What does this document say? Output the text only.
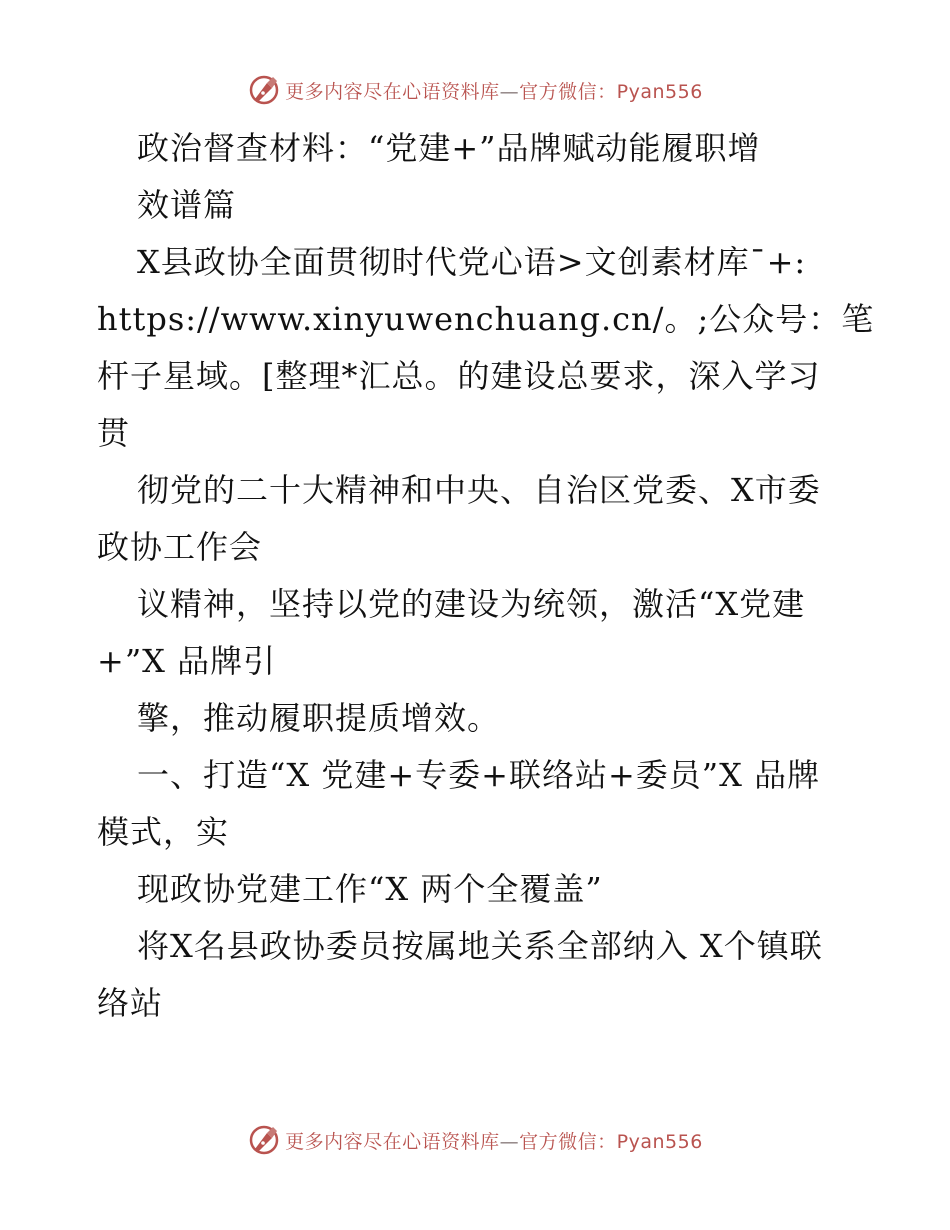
更多内容尽在心语资料库—官方微信：Pyan556
政治督查材料：“党建+”品牌赋动能履职增
效谱篇
X县政协全面贯彻时代党心语>文创素材库¯+:
https://www.xinyuwenchuang.cn/。;公众号：笔
杆子星域。[整理*汇总。的建设总要求，深入学习
贯
彻党的二十大精神和中央、自治区党委、X市委
政协工作会
议精神，坚持以党的建设为统领，激活“X党建
+”X 品牌引
擎，推动履职提质增效。
一、打造“X 党建+专委+联络站+委员”X 品牌
模式，实
现政协党建工作“X 两个全覆盖”
将X名县政协委员按属地关系全部纳入 X个镇联
络站
更多内容尽在心语资料库—官方微信：Pyan556
